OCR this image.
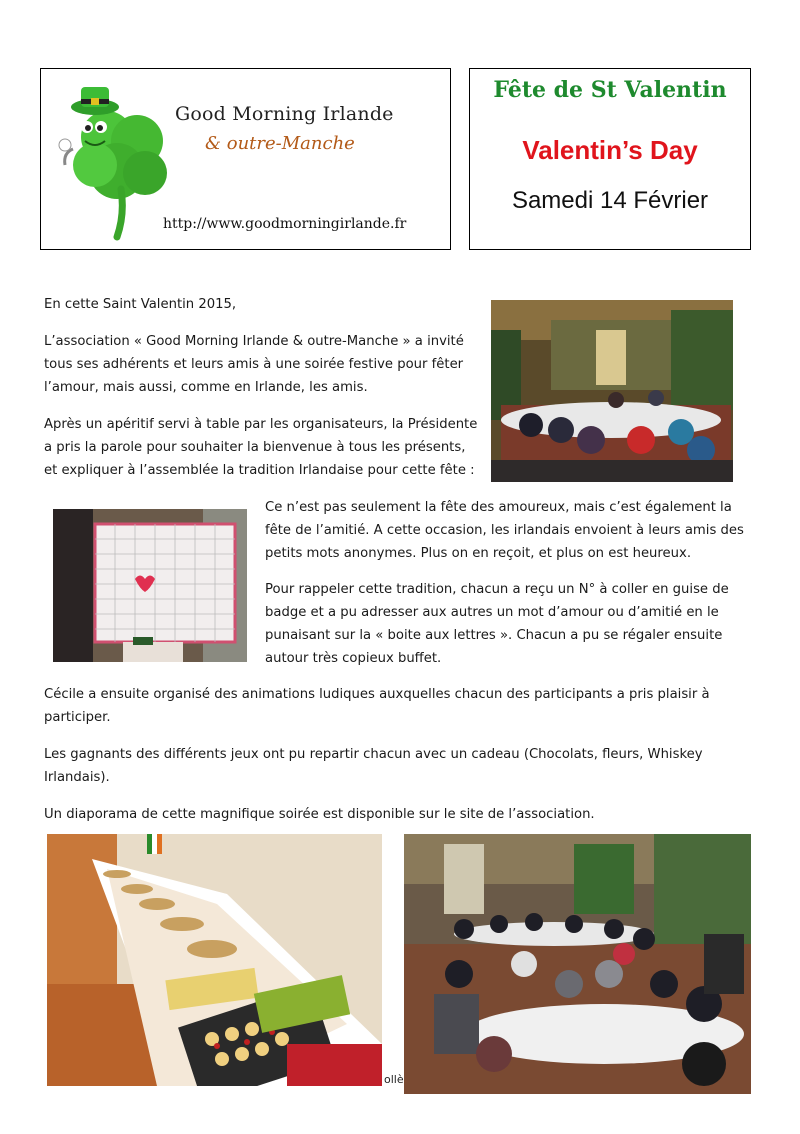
Good Morning Irlande
& outre-Manche
http://www.goodmorningirlande.fr
Fête de St Valentin
Valentin’s Day
Samedi 14 Février

En cette Saint Valentin 2015,

L’association « Good Morning Irlande & outre-Manche » a invité

tous ses adhérents et leurs amis à une soirée festive pour fêter

l’amour, mais aussi, comme en Irlande, les amis.

Après un apéritif servi à table par les organisateurs, la Présidente

a pris la parole pour souhaiter la bienvenue à tous les présents,

et expliquer à l’assemblée la tradition Irlandaise pour cette fête :

Ce n’est pas seulement la fête des amoureux, mais c’est également la

fête de l’amitié. A cette occasion, les irlandais envoient à leurs amis des

petits mots anonymes. Plus on en reçoit, et plus on est heureux.

Pour rappeler cette tradition, chacun a reçu un N° à coller en guise de

badge et a pu adresser aux autres un mot d’amour ou d’amitié en le

punaisant sur la « boite aux lettres ». Chacun a pu se régaler ensuite

autour très copieux buffet.

Cécile a ensuite organisé des animations ludiques auxquelles chacun des participants a pris plaisir à

participer.

Les gagnants des différents jeux ont pu repartir chacun avec un cadeau (Chocolats, fleurs, Whiskey

Irlandais).

Un diaporama de cette magnifique soirée est disponible sur le site de l’association.

ollè
